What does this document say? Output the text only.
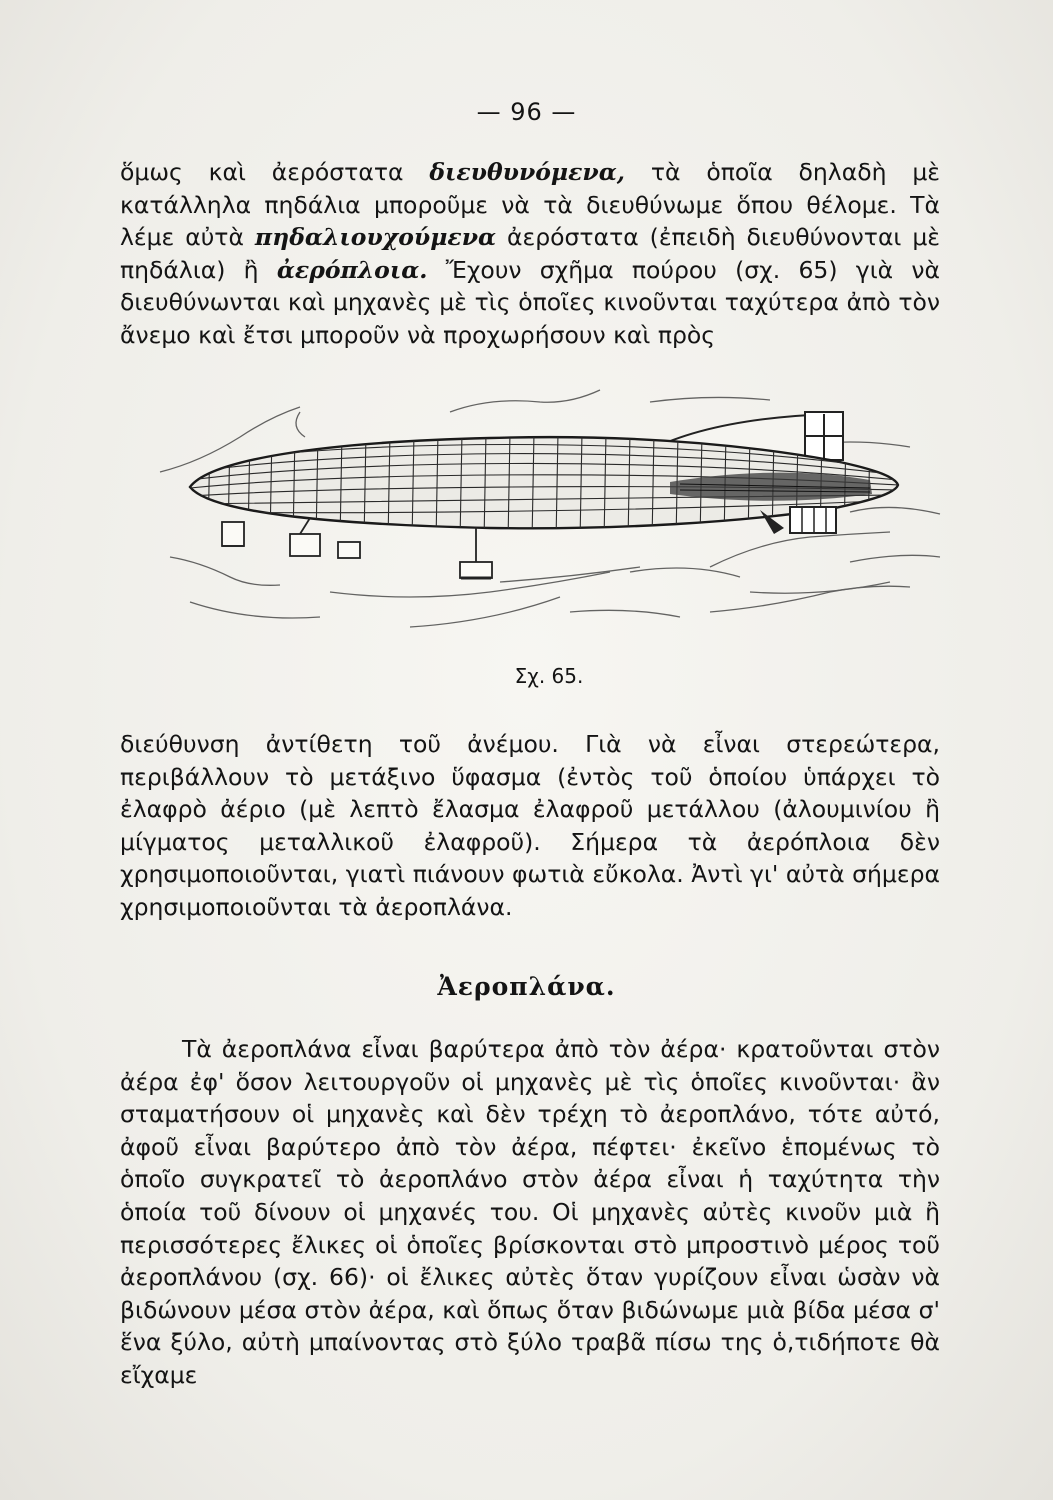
— 96 —

ὅμως καὶ ἀερόστατα διευθυνόμενα, τὰ ὁποῖα δηλαδὴ μὲ κατάλληλα πηδάλια μποροῦμε νὰ τὰ διευθύνωμε ὅπου θέλομε. Τὰ λέμε αὐτὰ πηδαλιουχούμενα ἀερόστατα (ἐπειδὴ διευθύνονται μὲ πηδάλια) ἢ ἀερόπλοια. Ἔχουν σχῆμα πούρου (σχ. 65) γιὰ νὰ διευθύνωνται καὶ μηχανὲς μὲ τὶς ὁποῖες κινοῦνται ταχύτερα ἀπὸ τὸν ἄνεμο καὶ ἔτσι μποροῦν νὰ προχωρήσουν καὶ πρὸς

Σχ. 65.

διεύθυνση ἀντίθετη τοῦ ἀνέμου. Γιὰ νὰ εἶναι στερεώτερα, περιβάλλουν τὸ μετάξινο ὕφασμα (ἐντὸς τοῦ ὁποίου ὑπάρχει τὸ ἐλαφρὸ ἀέριο (μὲ λεπτὸ ἔλασμα ἐλαφροῦ μετάλλου (ἀλουμινίου ἢ μίγματος μεταλλικοῦ ἐλαφροῦ). Σήμερα τὰ ἀερόπλοια δὲν χρησιμοποιοῦνται, γιατὶ πιάνουν φωτιὰ εὔκολα. Ἀντὶ γι' αὐτὰ σήμερα χρησιμοποιοῦνται τὰ ἀεροπλάνα.

Ἀεροπλάνα.

Τὰ ἀεροπλάνα εἶναι βαρύτερα ἀπὸ τὸν ἀέρα· κρατοῦνται στὸν ἀέρα ἐφ' ὅσον λειτουργοῦν οἱ μηχανὲς μὲ τὶς ὁποῖες κινοῦνται· ἂν σταματήσουν οἱ μηχανὲς καὶ δὲν τρέχη τὸ ἀεροπλάνο, τότε αὐτό, ἀφοῦ εἶναι βαρύτερο ἀπὸ τὸν ἀέρα, πέφτει· ἐκεῖνο ἑπομένως τὸ ὁποῖο συγκρατεῖ τὸ ἀεροπλάνο στὸν ἀέρα εἶναι ἡ ταχύτητα τὴν ὁποία τοῦ δίνουν οἱ μηχανές του. Οἱ μηχανὲς αὐτὲς κινοῦν μιὰ ἢ περισσότερες ἔλικες οἱ ὁποῖες βρίσκονται στὸ μπροστινὸ μέρος τοῦ ἀεροπλάνου (σχ. 66)· οἱ ἔλικες αὐτὲς ὅταν γυρίζουν εἶναι ὡσὰν νὰ βιδώνουν μέσα στὸν ἀέρα, καὶ ὅπως ὅταν βιδώνωμε μιὰ βίδα μέσα σ' ἕνα ξύλο, αὐτὴ μπαίνοντας στὸ ξύλο τραβᾶ πίσω της ὁ,τιδήποτε θὰ εἴχαμε
